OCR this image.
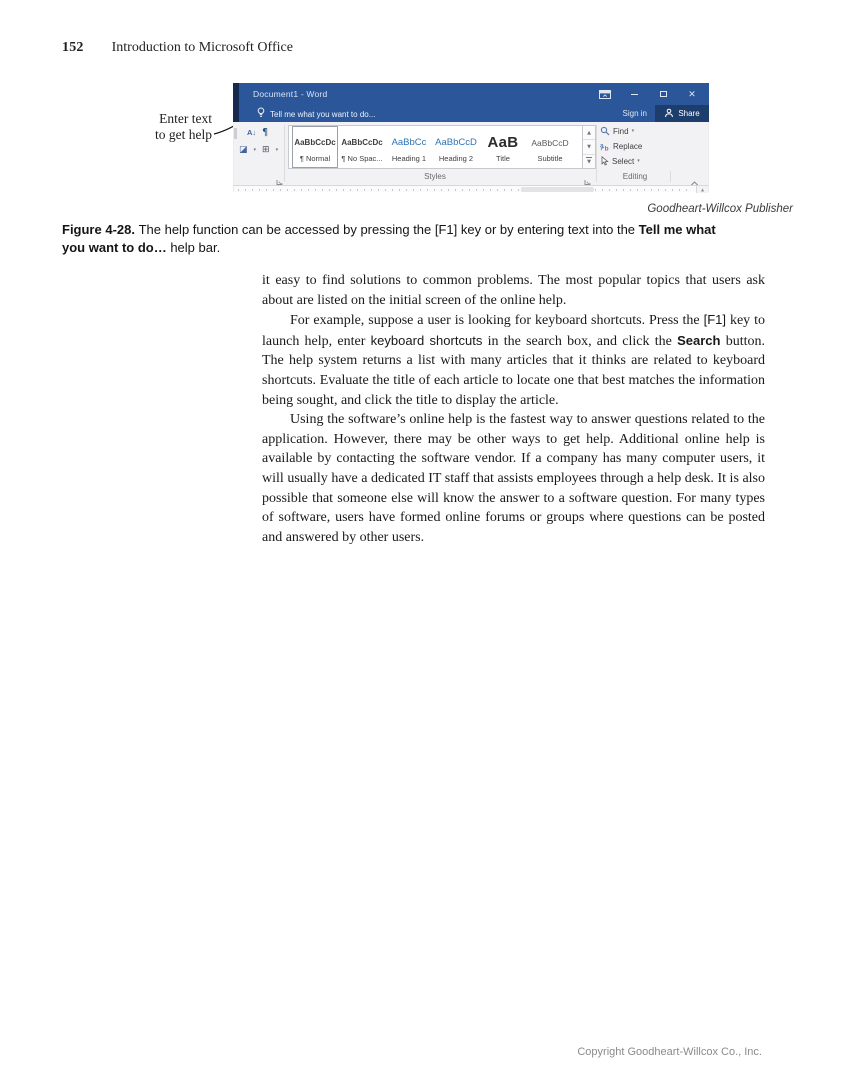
152 Introduction to Microsoft Office
Enter text
to get help
Document1 - Word	✕
Tell me what you want to do...	Sign in	Share
A↓ ¶
◪ ▾ ⊞ ▾
AaBbCcDc
¶ Normal
AaBbCcDc
¶ No Spac...
AaBbCc
Heading 1
AaBbCcD
Heading 2
AaB
Title
AaBbCcD
Subtitle
▲
▼
▼
Find ▾
a b Replace
Select ▾
Styles	Editing
▲
Goodheart-Willcox Publisher
Figure 4-28. The help function can be accessed by pressing the [F1] key or by entering text into the Tell me what you want to do… help bar.

it easy to find solutions to common problems. The most popular topics that users ask about are listed on the initial screen of the online help.

For example, suppose a user is looking for keyboard shortcuts. Press the [F1] key to launch help, enter keyboard shortcuts in the search box, and click the Search button. The help system returns a list with many articles that it thinks are related to keyboard shortcuts. Evaluate the title of each article to locate one that best matches the information being sought, and click the title to display the article.

Using the software’s online help is the fastest way to answer questions related to the application. However, there may be other ways to get help. Additional online help is available by contacting the software vendor. If a company has many computer users, it will usually have a dedicated IT staff that assists employees through a help desk. It is also possible that someone else will know the answer to a software question. For many types of software, users have formed online forums or groups where questions can be posted and answered by other users.

Copyright Goodheart-Willcox Co., Inc.
